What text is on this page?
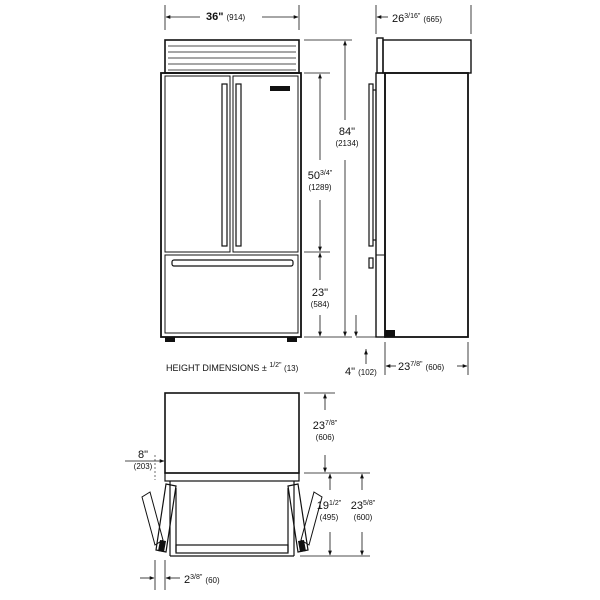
36" (914)
84"
(2134)
$50^{3/4"}$
(1289)
23"
(584)
HEIGHT DIMENSIONS ± $^{1/2"}$ (13)
$26^{3/16"}$ (665)
$23^{7/8"}$ (606)
4" (102)
$23^{7/8"}$
(606)
8"
(203)
$19^{1/2"}$
(495)
$23^{5/8"}$
(600)
$2^{3/8"}$ (60)
